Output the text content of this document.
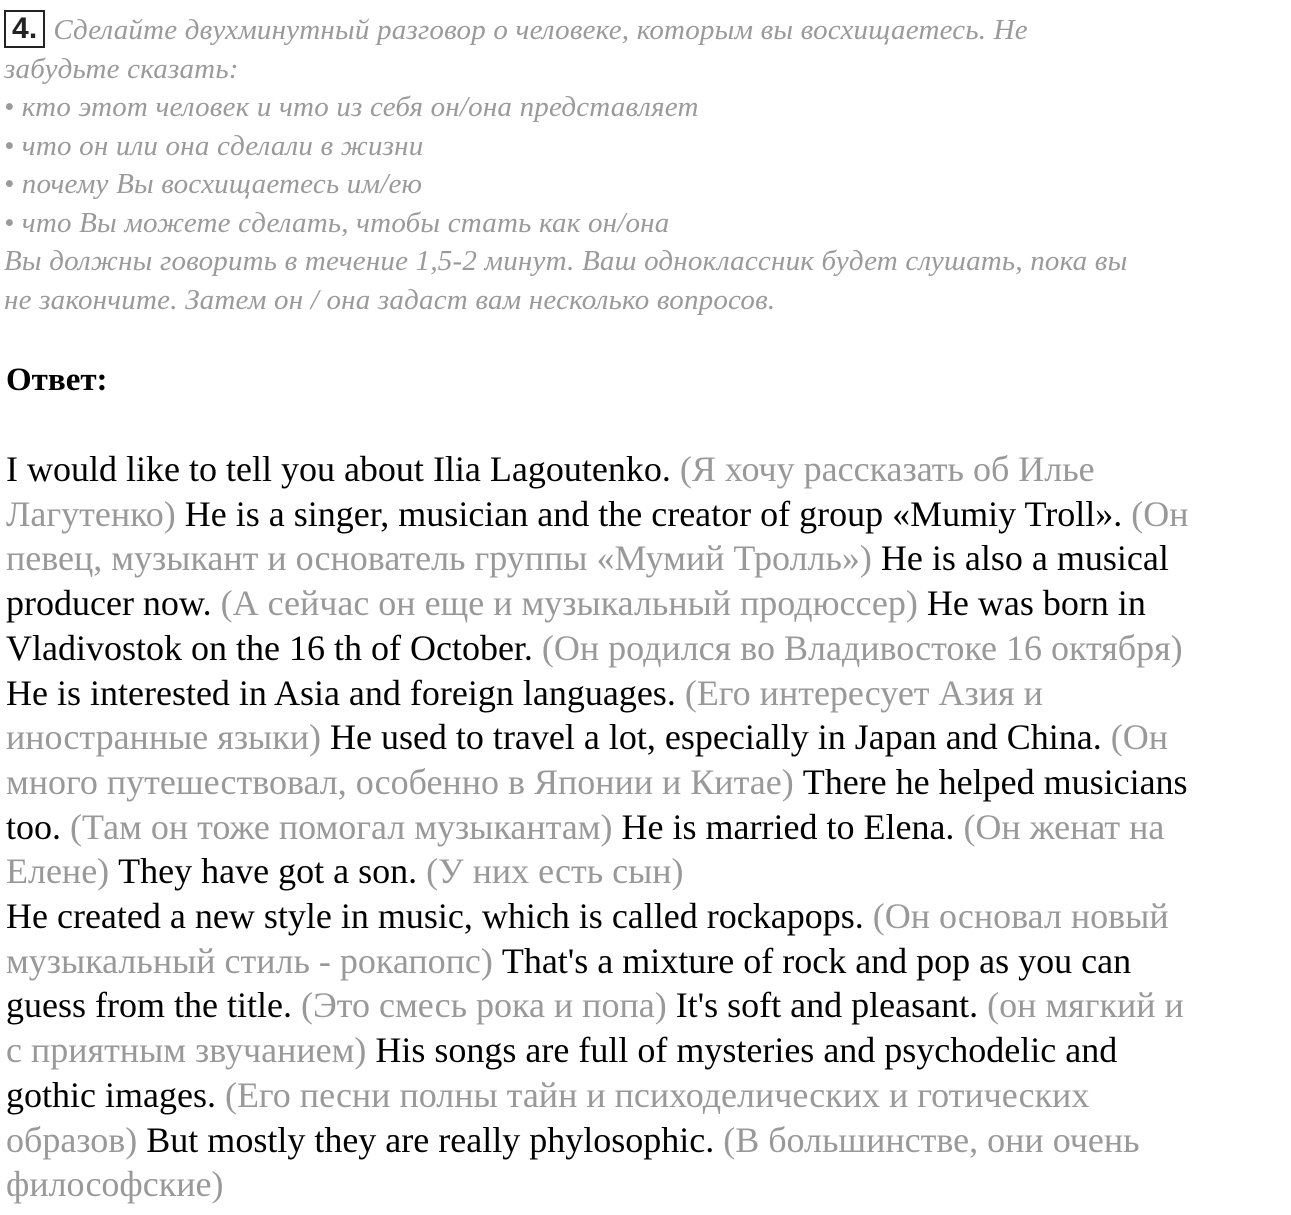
4. Сделайте двухминутный разговор о человеке, которым вы восхищаетесь. Не
забудьте сказать:
• кто этот человек и что из себя он/она представляет
• что он или она сделали в жизни
• почему Вы восхищаетесь им/ею
• что Вы можете сделать, чтобы стать как он/она
Вы должны говорить в течение 1,5-2 минут. Ваш одноклассник будет слушать, пока вы
не закончите. Затем он / она задаст вам несколько вопросов.
Ответ:
I would like to tell you about Ilia Lagoutenko. (Я хочу рассказать об Илье
Лагутенко) He is a singer, musician and the creator of group «Mumiy Troll». (Он
певец, музыкант и основатель группы «Мумий Тролль») He is also a musical
producer now. (А сейчас он еще и музыкальный продюссер) He was born in
Vladivostok on the 16 th of October. (Он родился во Владивостоке 16 октября)
He is interested in Asia and foreign languages. (Его интересует Азия и
иностранные языки) He used to travel a lot, especially in Japan and China. (Он
много путешествовал, особенно в Японии и Китае) There he helped musicians
too. (Там он тоже помогал музыкантам) He is married to Elena. (Он женат на
Елене) They have got a son. (У них есть сын)
He created a new style in music, which is called rockapops. (Он основал новый
музыкальный стиль - рокапопс) That's a mixture of rock and pop as you can
guess from the title. (Это смесь рока и попа) It's soft and pleasant. (он мягкий и
с приятным звучанием) His songs are full of mysteries and psychodelic and
gothic images. (Его песни полны тайн и психоделических и готических
образов) But mostly they are really phylosophic. (В большинстве, они очень
философские)
